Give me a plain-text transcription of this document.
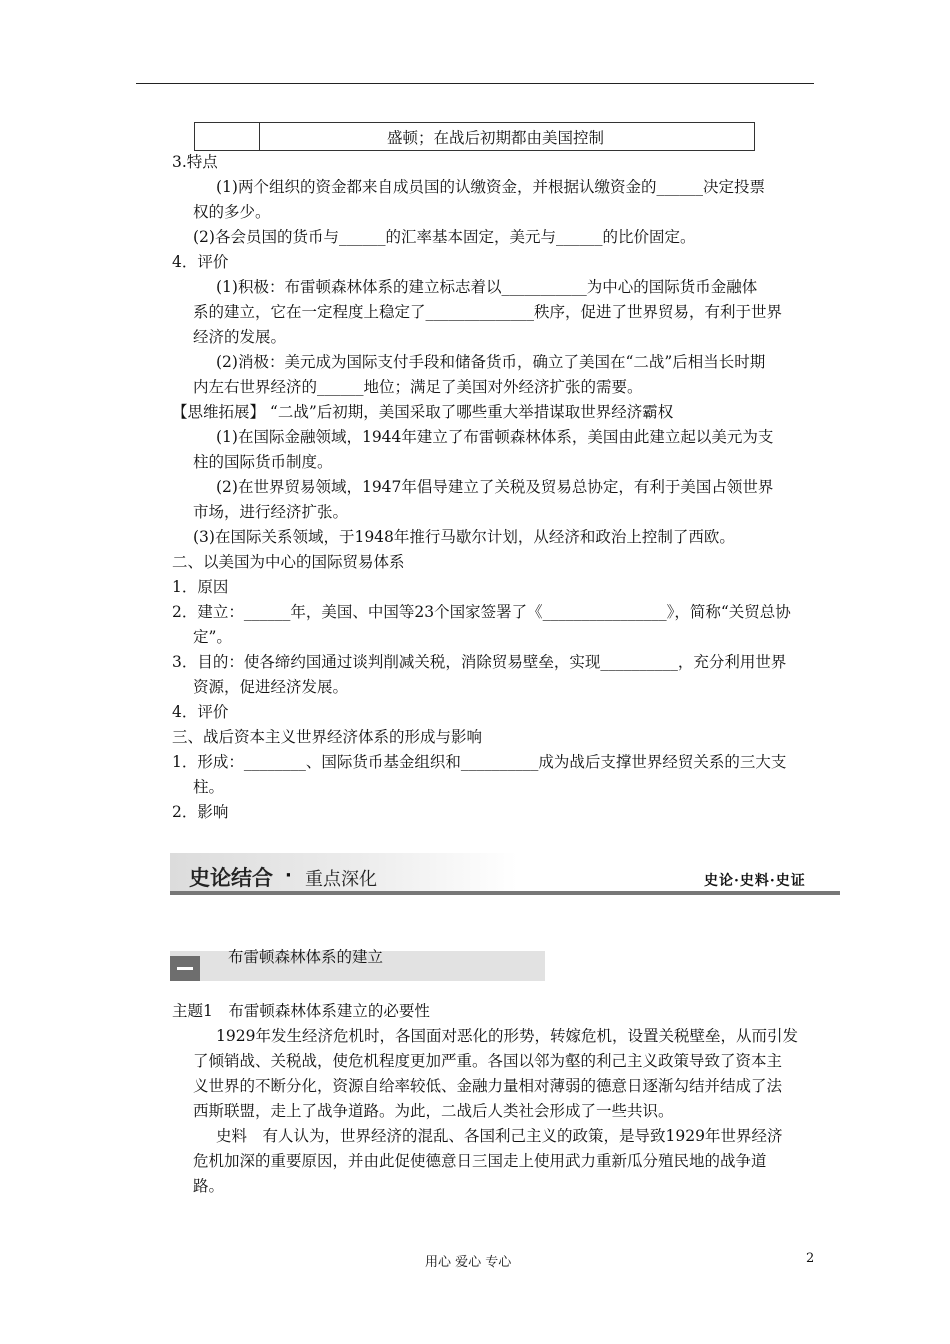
盛顿；在战后初期都由美国控制
3.特点
(1)两个组织的资金都来自成员国的认缴资金，并根据认缴资金的______决定投票
权的多少。
(2)各会员国的货币与______的汇率基本固定，美元与______的比价固定。
4．评价
(1)积极：布雷顿森林体系的建立标志着以___________为中心的国际货币金融体
系的建立，它在一定程度上稳定了______________秩序，促进了世界贸易，有利于世界
经济的发展。
(2)消极：美元成为国际支付手段和储备货币，确立了美国在“二战”后相当长时期
内左右世界经济的______地位；满足了美国对外经济扩张的需要。
【思维拓展】 “二战”后初期，美国采取了哪些重大举措谋取世界经济霸权
(1)在国际金融领域，1944年建立了布雷顿森林体系，美国由此建立起以美元为支
柱的国际货币制度。
(2)在世界贸易领域，1947年倡导建立了关税及贸易总协定，有利于美国占领世界
市场，进行经济扩张。
(3)在国际关系领域，于1948年推行马歇尔计划，从经济和政治上控制了西欧。
二、以美国为中心的国际贸易体系
1．原因
2．建立：______年，美国、中国等23个国家签署了《________________》，简称“关贸总协
定”。
3．目的：使各缔约国通过谈判削减关税，消除贸易壁垒，实现__________，充分利用世界
资源，促进经济发展。
4．评价
三、战后资本主义世界经济体系的形成与影响
1．形成：________、国际货币基金组织和__________成为战后支撑世界经贸关系的三大支
柱。
2．影响
史论结合 · 重点深化	史论·史料·史证
布雷顿森林体系的建立
主题1　布雷顿森林体系建立的必要性
1929年发生经济危机时，各国面对恶化的形势，转嫁危机，设置关税壁垒，从而引发
了倾销战、关税战，使危机程度更加严重。各国以邻为壑的利己主义政策导致了资本主
义世界的不断分化，资源自给率较低、金融力量相对薄弱的德意日逐渐勾结并结成了法
西斯联盟，走上了战争道路。为此，二战后人类社会形成了一些共识。
史料　有人认为，世界经济的混乱、各国利己主义的政策，是导致1929年世界经济
危机加深的重要原因，并由此促使德意日三国走上使用武力重新瓜分殖民地的战争道
路。
用心 爱心 专心	2
